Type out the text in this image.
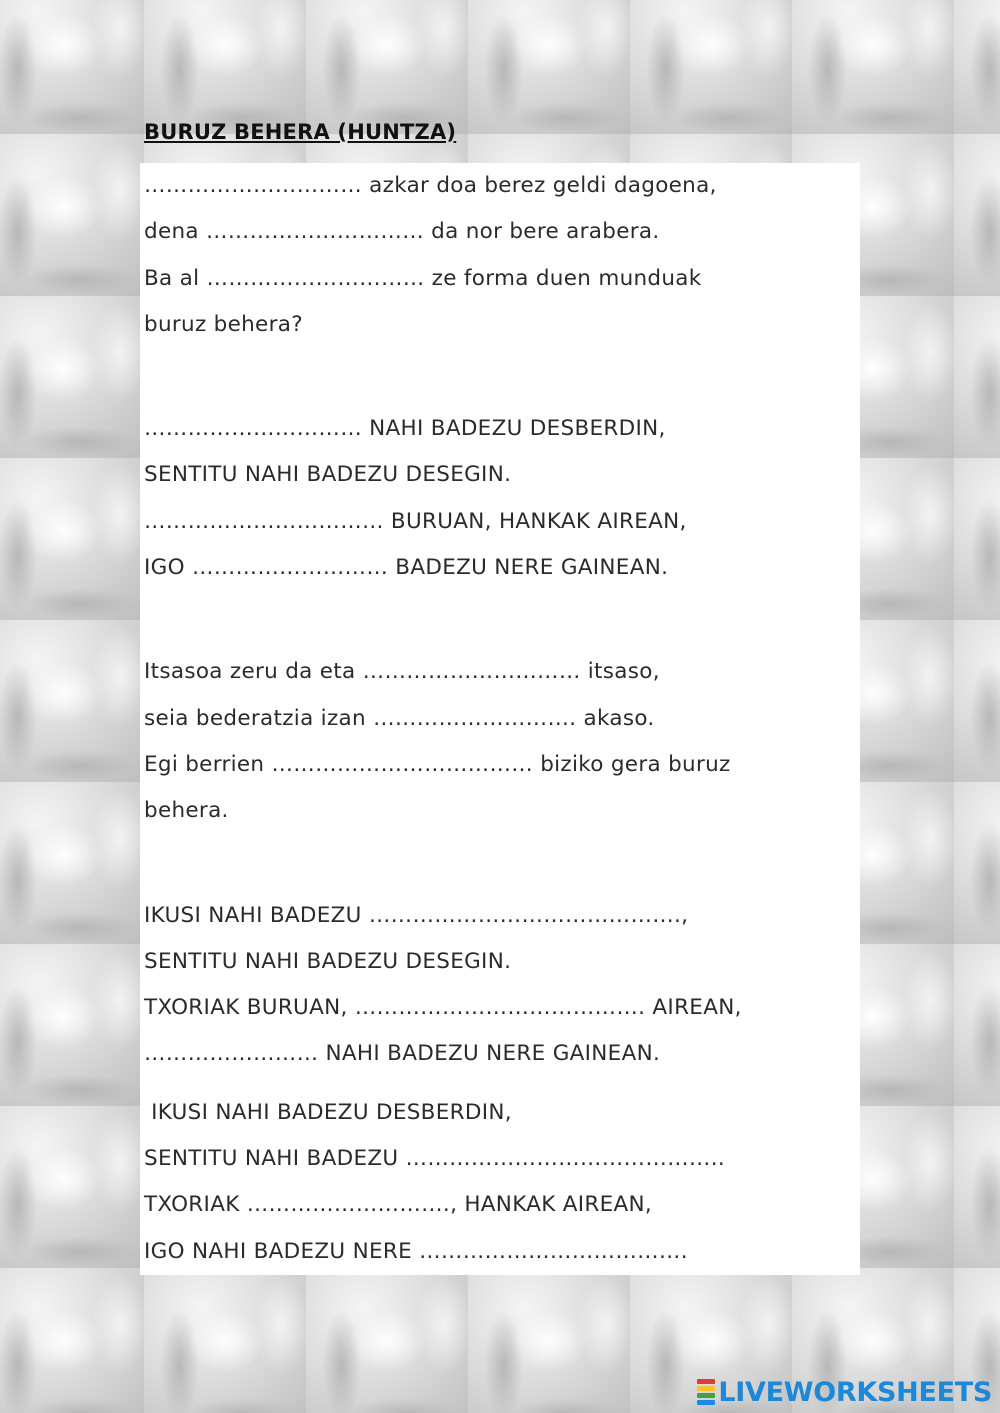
BURUZ BEHERA (HUNTZA)
………………………… azkar doa berez geldi dagoena,
dena ………………………… da nor bere arabera.
Ba al ………………………… ze forma duen munduak
buruz behera?
………………………… NAHI BADEZU DESBERDIN,
SENTITU NAHI BADEZU DESEGIN.
…………………………… BURUAN, HANKAK AIREAN,
IGO ……………………… BADEZU NERE GAINEAN.
Itsasoa zeru da eta ………………………… itsaso,
seia bederatzia izan ………………………. akaso.
Egi berrien ……………………………… biziko gera buruz
behera.
IKUSI NAHI BADEZU …………………………………….,
SENTITU NAHI BADEZU DESEGIN.
TXORIAK BURUAN, …………………………………. AIREAN,
…………………… NAHI BADEZU NERE GAINEAN.
IKUSI NAHI BADEZU DESBERDIN,
SENTITU NAHI BADEZU ……………………………………..
TXORIAK ………………………., HANKAK AIREAN,
IGO NAHI BADEZU NERE ……………………………….
LIVEWORKSHEETS
